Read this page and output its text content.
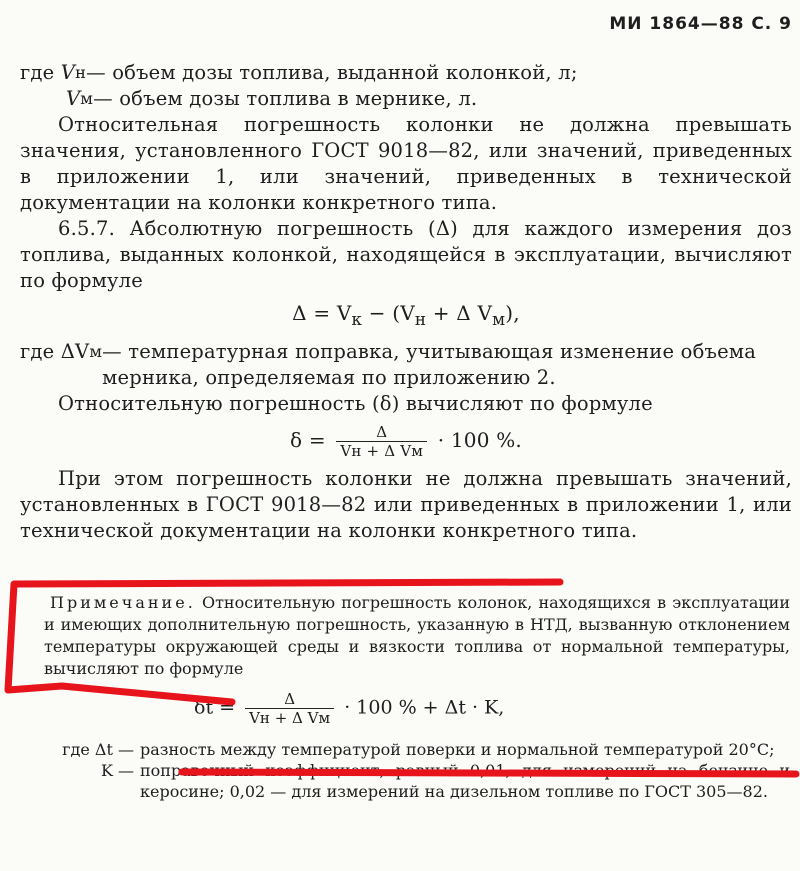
МИ 1864—88 С. 9
где V н — объем дозы топлива, выданной колонкой, л;
V м — объем дозы топлива в мернике, л.

Относительная погрешность колонки не должна превышать значения, установленного ГОСТ 9018—82, или значений, приведенных в приложении 1, или значений, приведенных в технической документации на колонки конкретного типа.

6.5.7. Абсолютную погрешность (Δ) для каждого измерения доз топлива, выданных колонкой, находящейся в эксплуатации, вычисляют по формуле

$\Delta = V_к - (V_н + \Delta$ $V_м$),
где ΔV м — температурная поправка, учитывающая изменение объема мерника, определяемая по приложению 2.

Относительную погрешность (δ) вычисляют по формуле

$\delta = \frac{\Delta}{\text{Vн + Δ Vм}} \cdot 100$ %.

При этом погрешность колонки не должна превышать значений, установленных в ГОСТ 9018—82 или приведенных в приложении 1, или технической документации на колонки конкретного типа.

Примечание. Относительную погрешность колонок, находящихся в эксплуатации и имеющих дополнительную погрешность, указанную в НТД, вызванную отклонением температуры окружающей среды и вязкости топлива от нормальной температуры, вычисляют по формуле

$\delta t = \frac{\Delta}{\text{Vн + Δ Vм}} \cdot 100$ % + Δt · K,
где Δt — разность между температурой поверки и нормальной температурой 20°С;
K — поправочный коэффициент, равный 0,01, для измерений на бензине и керосине; 0,02 — для измерений на дизельном топливе по ГОСТ 305—82.
